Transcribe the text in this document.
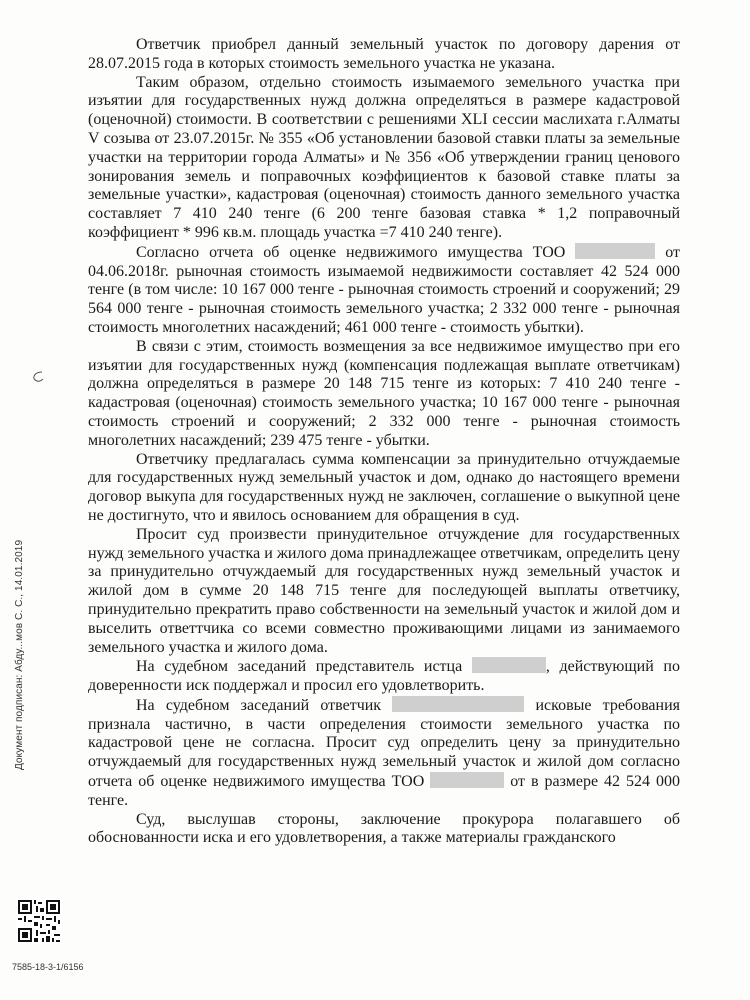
Ответчик приобрел данный земельный участок по договору дарения от 28.07.2015 года в которых стоимость земельного участка не указана.

Таким образом, отдельно стоимость изымаемого земельного участка при изъятии для государственных нужд должна определяться в размере кадастровой (оценочной) стоимости. В соответствии с решениями XLI сессии маслихата г.Алматы V созыва от 23.07.2015г. № 355 «Об установлении базовой ставки платы за земельные участки на территории города Алматы» и № 356 «Об утверждении границ ценового зонирования земель и поправочных коэффициентов к базовой ставке платы за земельные участки», кадастровая (оценочная) стоимость данного земельного участка составляет 7 410 240 тенге (6 200 тенге базовая ставка * 1,2 поправочный коэффициент * 996 кв.м. площадь участка =7 410 240 тенге).

Согласно отчета об оценке недвижимого имущества ТОО	от 04.06.2018г. рыночная стоимость изымаемой недвижимости составляет 42 524 000 тенге (в том числе: 10 167 000 тенге - рыночная стоимость строений и сооружений; 29 564 000 тенге - рыночная стоимость земельного участка; 2 332 000 тенге - рыночная стоимость многолетних насаждений; 461 000 тенге - стоимость убытки).

В связи с этим, стоимость возмещения за все недвижимое имущество при его изъятии для государственных нужд (компенсация подлежащая выплате ответчикам) должна определяться в размере 20 148 715 тенге из которых: 7 410 240 тенге - кадастровая (оценочная) стоимость земельного участка; 10 167 000 тенге - рыночная стоимость строений и сооружений; 2 332 000 тенге - рыночная стоимость многолетних насаждений; 239 475 тенге - убытки.

Ответчику предлагалась сумма компенсации за принудительно отчуждаемые для государственных нужд земельный участок и дом, однако до настоящего времени договор выкупа для государственных нужд не заключен, соглашение о выкупной цене не достигнуто, что и явилось основанием для обращения в суд.

Просит суд произвести принудительное отчуждение для государственных нужд земельного участка и жилого дома принадлежащее ответчикам, определить цену за принудительно отчуждаемый для государственных нужд земельный участок и жилой дом в сумме 20 148 715 тенге для последующей выплаты ответчику, принудительно прекратить право собственности на земельный участок и жилой дом и выселить ответтчика со всеми совместно проживающими лицами из занимаемого земельного участка и жилого дома.

На судебном заседаний представитель истца	, действующий по доверенности иск поддержал и просил его удовлетворить.

На судебном заседаний ответчик	исковые требования признала частично, в части определения стоимости земельного участка по кадастровой цене не согласна. Просит суд определить цену за принудительно отчуждаемый для государственных нужд земельный участок и жилой дом согласно отчета об оценке недвижимого имущества ТОО	от в размере 42 524 000 тенге.

Суд, выслушав стороны, заключение прокурора полагавшего об обоснованности иска и его удовлетворения, а также материалы гражданского

Документ подписан: Абду...мов С. С., 14.01.2019
7585-18-3-1/6156
